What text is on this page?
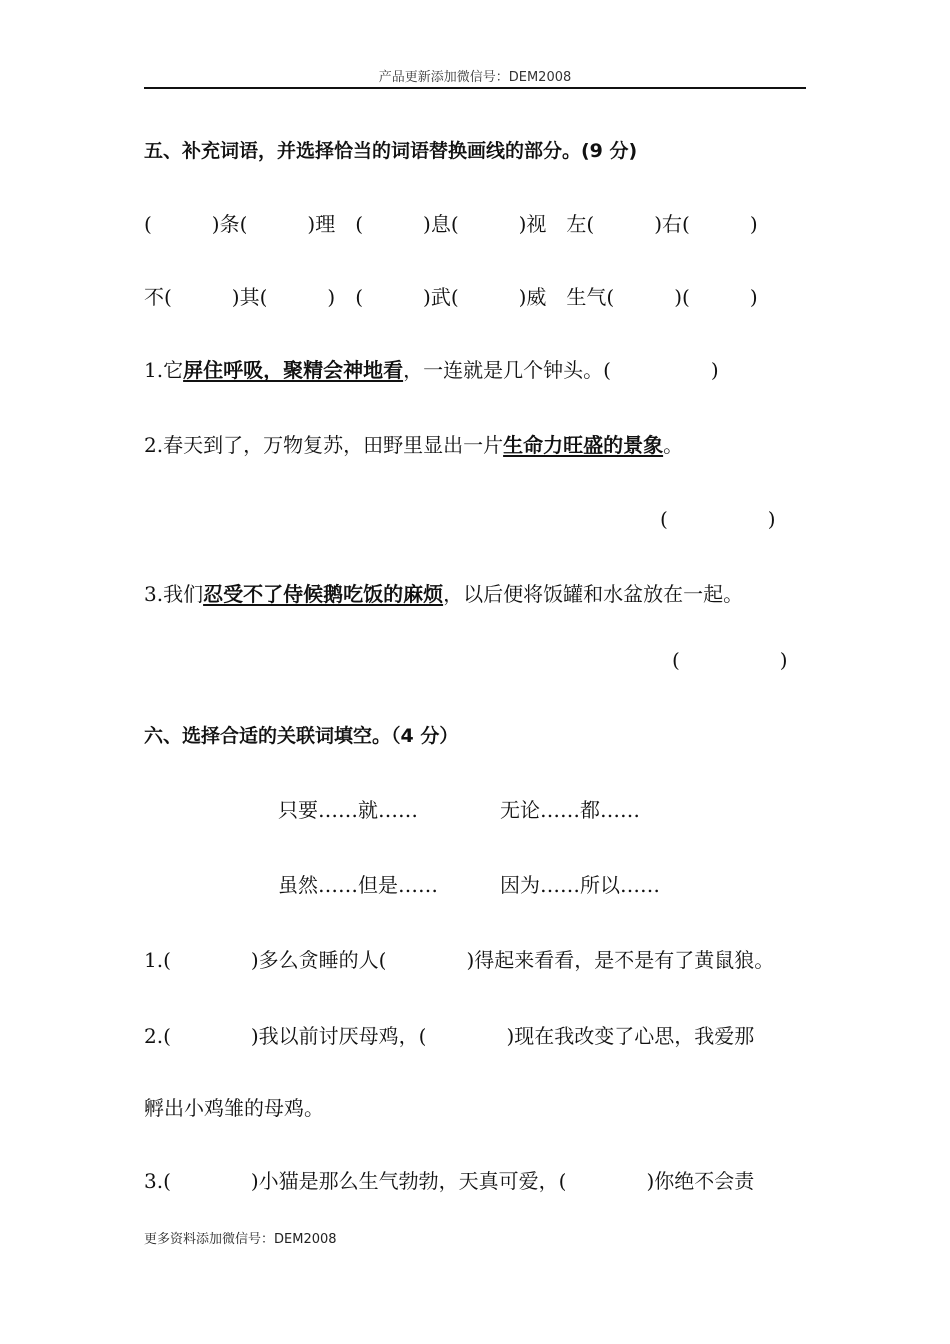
产品更新添加微信号：DEM2008
五、补充词语，并选择恰当的词语替换画线的部分。(9 分)
(　　　)条(　　　)理　(　　　)息(　　　)视　左(　　　)右(　　　)
不(　　　)其(　　　)　(　　　)武(　　　)威　生气(　　　)(　　　)
1.它屏住呼吸，聚精会神地看，一连就是几个钟头。(　　　　　)
2.春天到了，万物复苏，田野里显出一片生命力旺盛的景象。
(　　　　　)
3.我们忍受不了侍候鹅吃饭的麻烦，以后便将饭罐和水盆放在一起。
(　　　　　)
六、选择合适的关联词填空。（4 分）
只要……就……	无论……都……
虽然……但是……	因为……所以……
1.(　　　　)多么贪睡的人(　　　　)得起来看看，是不是有了黄鼠狼。
2.(　　　　)我以前讨厌母鸡，(　　　　)现在我改变了心思，我爱那
孵出小鸡雏的母鸡。
3.(　　　　)小猫是那么生气勃勃，天真可爱，(　　　　)你绝不会责
更多资料添加微信号：DEM2008
